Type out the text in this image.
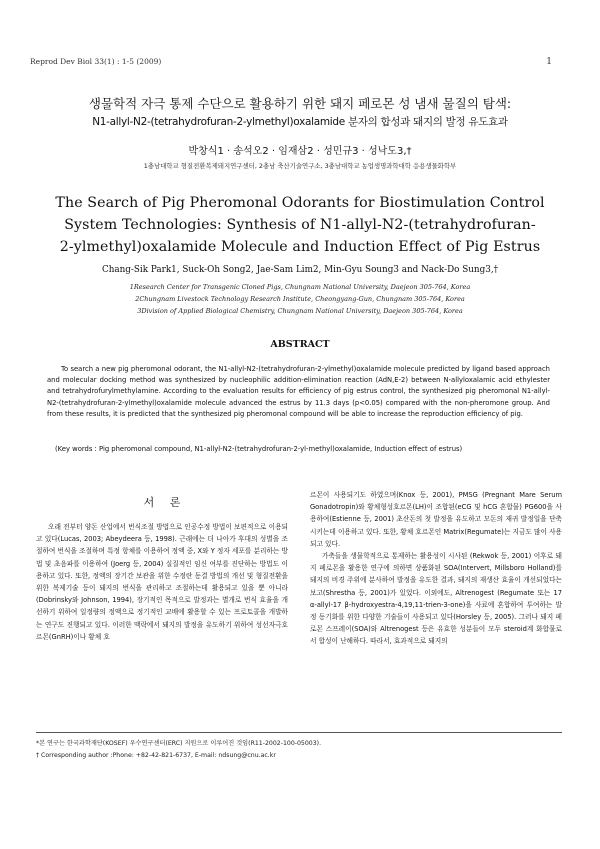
Reprod Dev Biol 33(1) : 1-5 (2009)	1
생물학적 자극 통제 수단으로 활용하기 위한 돼지 페로몬 성 냄새 물질의 탐색:
N1-allyl-N2-(tetrahydrofuran-2-ylmethyl)oxalamide 분자의 합성과 돼지의 발정 유도효과
박창식1 · 송석오2 · 임재삼2 · 성민규3 · 성낙도3,†
1충남대학교 형질전환복제돼지연구센터, 2충남 축산기술연구소, 3충남대학교 농업생명과학대학 응용생물화학부
The Search of Pig Pheromonal Odorants for Biostimulation Control
System Technologies: Synthesis of N1-allyl-N2-(tetrahydrofuran-
2-ylmethyl)oxalamide Molecule and Induction Effect of Pig Estrus
Chang-Sik Park1, Suck-Oh Song2, Jae-Sam Lim2, Min-Gyu Soung3 and Nack-Do Sung3,†
1Research Center for Transgenic Cloned Pigs, Chungnam National University, Daejeon 305-764, Korea
2Chungnam Livestock Technology Research Institute, Cheongyang-Gun, Chungnam 305-764, Korea
3Division of Applied Biological Chemistry, Chungnam National University, Daejeon 305-764, Korea
ABSTRACT
To search a new pig pheromonal odorant, the N1-allyl-N2-(tetrahydrofuran-2-ylmethyl)oxalamide molecule predicted by ligand based approach and molecular docking method was synthesized by nucleophilic addition-elimination reaction (AdN,E-2) between N-allyloxalamic acid ethylester and tetrahydrofurylmethylamine. According to the evaluation results for efficiency of pig estrus control, the synthesized pig pheromonal N1-allyl-N2-(tetrahydrofuran-2-ylmethyl)oxalamide molecule advanced the estrus by 11.3 days (p<0.05) compared with the non-pheromone group. And from these results, it is predicted that the synthesized pig pheromonal compound will be able to increase the reproduction efficiency of pig.
(Key words : Pig pheromonal compound, N1-allyl-N2-(tetrahydrofuran-2-yl-methyl)oxalamide, Induction effect of estrus)
서 론

오래 전부터 양돈 산업에서 번식조절 방법으로 인공수정 방법이 보편적으로 이용되고 있다(Lucas, 2003; Abeydeera 등, 1998). 근래에는 더 나아가 후대의 성별을 조절하여 번식을 조절하며 특정 항체를 이용하여 정액 중, X와 Y 정자 세포를 분리하는 방법 및 초음파를 이용하여 (Joerg 등, 2004) 실질적인 임신 여부를 진단하는 방법도 이용하고 있다. 또한, 정액의 장기간 보관을 위한 수정란 동결 방법의 개선 및 형질전환을 위한 복제기술 등이 돼지의 번식을 관리하고 조절하는데 활용되고 있을 뿐 아니라(Dobrinsky와 Johnson, 1994), 장기적인 목적으로 발정과는 별개로 번식 효율을 개선하기 위하여 일정량의 정액으로 정기적인 교배에 활용할 수 있는 프로토콜을 개발하는 연구도 진행되고 있다. 이러한 맥락에서 돼지의 발정을 유도하기 위하여 성선자극호르몬(GnRH)이나 황체 호

르몬이 사용되기도 하였으며(Knox 등, 2001), PMSG (Pregnant Mare Serum Gonadotropin)와 황체형성호르몬(LH)이 조합된(eCG 및 hCG 혼합물) PG600을 사용하여(Estienne 등, 2001) 초산돈의 첫 발정을 유도하고 모돈의 재귀 발정일을 단축시키는데 이용하고 있다. 또한, 황체 호르몬인 Matrix(Regumate)는 지금도 많이 사용되고 있다.

가축들을 생물학적으로 통제하는 활용성이 시사된 (Rekwok 등, 2001) 이후로 돼지 페로몬을 활용한 연구에 의하면 상품화된 SOA(Intervert, Millsboro Holland)를 돼지의 비경 주위에 분사하여 발정을 유도한 결과, 돼지의 재생산 효율이 개선되었다는 보고(Shrestha 등, 2001)가 있었다. 이외에도, Altrenogest (Regumate 또는 17 α-allyl-17 β-hydroxyestra-4,19,11-trien-3-one)을 사료에 혼합하여 투여하는 발정 동기화를 위한 다양한 기술들이 사용되고 있다(Horsley 등, 2005). 그러나 돼지 페로몬 스프레이(SOA)와 Altrenogest 등은 유효한 성분들이 모두 steroid계 화합물로서 합성이 난해하다. 따라서, 효과적으로 돼지의

*본 연구는 한국과학재단(KOSEF) 우수연구센터(ERC) 지원으로 이루어진 것임(R11-2002-100-05003).
† Corresponding author :Phone: +82-42-821-6737, E-mail: ndsung@cnu.ac.kr
